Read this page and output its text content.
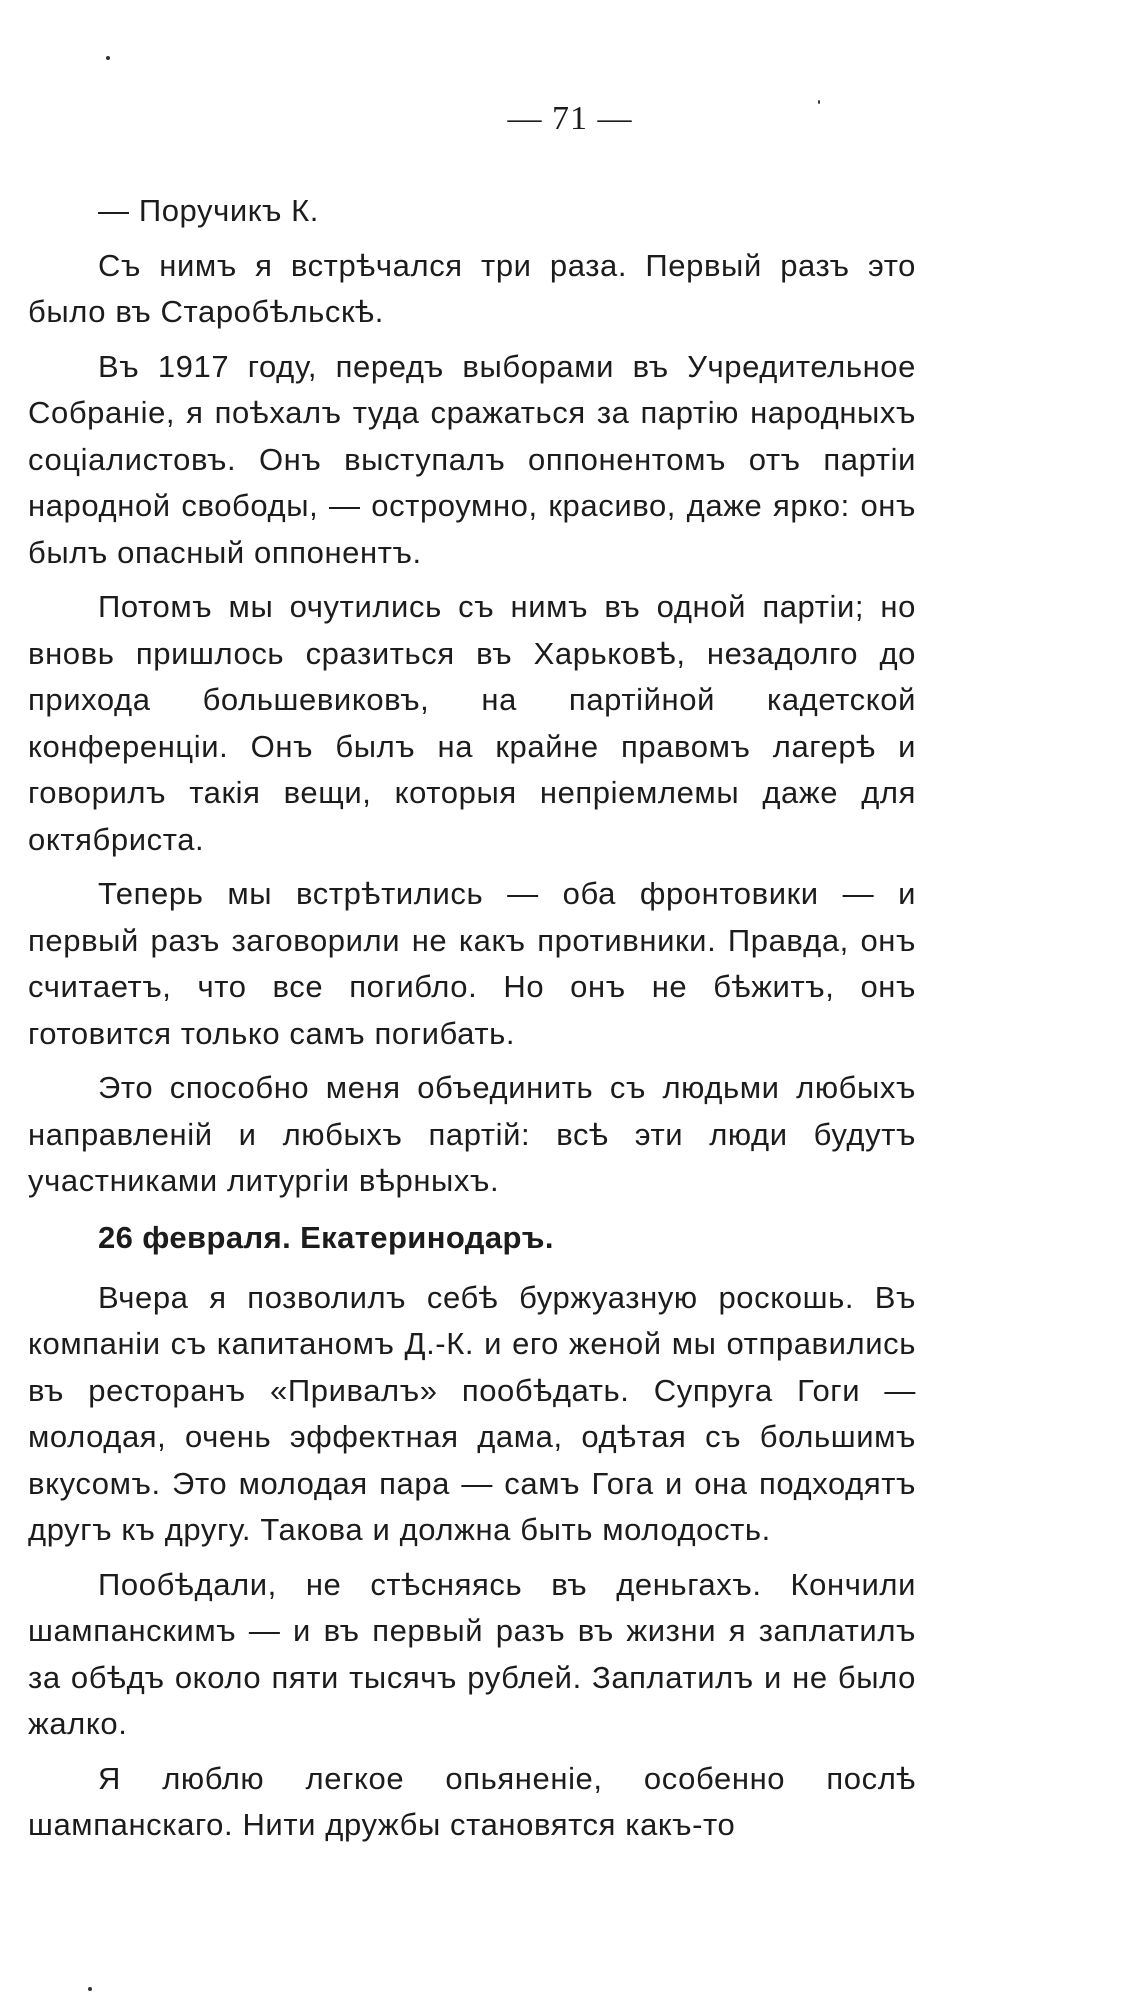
— 71 —

— Поручикъ К.

Съ нимъ я встрѣчался три раза. Первый разъ это было въ Старобѣльскѣ.

Въ 1917 году, передъ выборами въ Учредительное Собраніе, я поѣхалъ туда сражаться за партію народныхъ соціалистовъ. Онъ выступалъ оппонентомъ отъ партіи народной свободы, — остроумно, красиво, даже ярко: онъ былъ опасный оппонентъ.

Потомъ мы очутились съ нимъ въ одной партіи; но вновь пришлось сразиться въ Харьковѣ, незадолго до прихода большевиковъ, на партійной кадетской конференціи. Онъ былъ на крайне правомъ лагерѣ и говорилъ такія вещи, которыя непріемлемы даже для октябриста.

Теперь мы встрѣтились — оба фронтовики — и первый разъ заговорили не какъ противники. Правда, онъ считаетъ, что все погибло. Но онъ не бѣжитъ, онъ готовится только самъ погибать.

Это способно меня объединить съ людьми любыхъ направленій и любыхъ партій: всѣ эти люди будутъ участниками литургіи вѣрныхъ.

26 февраля. Екатеринодаръ.

Вчера я позволилъ себѣ буржуазную роскошь. Въ компаніи съ капитаномъ Д.-К. и его женой мы отправились въ ресторанъ «Привалъ» пообѣдать. Супруга Гоги — молодая, очень эффектная дама, одѣтая съ большимъ вкусомъ. Это молодая пара — самъ Гога и она подходятъ другъ къ другу. Такова и должна быть молодость.

Пообѣдали, не стѣсняясь въ деньгахъ. Кончили шампанскимъ — и въ первый разъ въ жизни я заплатилъ за обѣдъ около пяти тысячъ рублей. Заплатилъ и не было жалко.

Я люблю легкое опьяненіе, особенно послѣ шампанскаго. Нити дружбы становятся какъ-то
